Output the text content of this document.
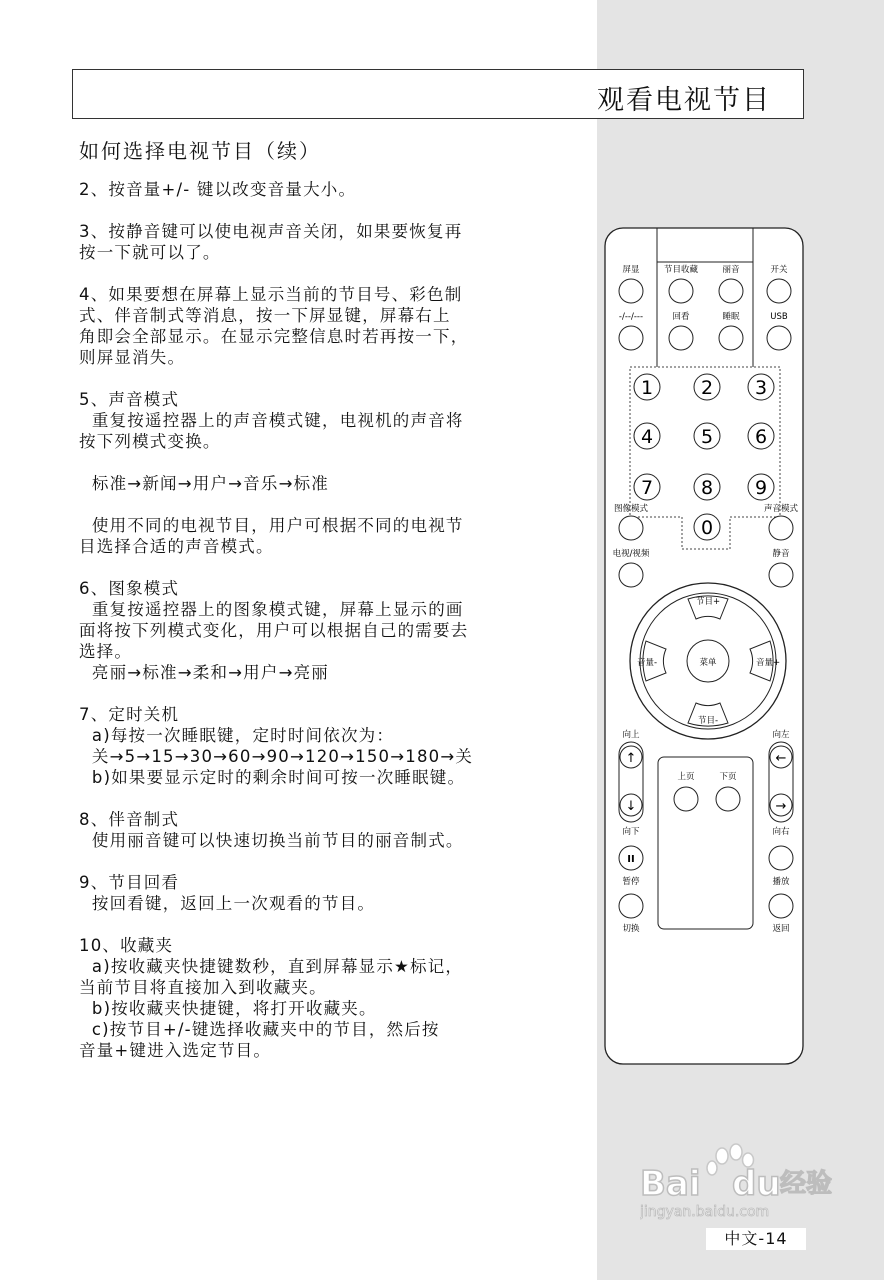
观看电视节目
如何选择电视节目（续）
2、按音量+/- 键以改变音量大小。
3、按静音键可以使电视声音关闭，如果要恢复再
按一下就可以了。
4、如果要想在屏幕上显示当前的节目号、彩色制
式、伴音制式等消息，按一下屏显键，屏幕右上
角即会全部显示。在显示完整信息时若再按一下，
则屏显消失。
5、声音模式
重复按遥控器上的声音模式键，电视机的声音将
按下列模式变换。
标准→新闻→用户→音乐→标准
使用不同的电视节目，用户可根据不同的电视节
目选择合适的声音模式。
6、图象模式
重复按遥控器上的图象模式键，屏幕上显示的画
面将按下列模式变化，用户可以根据自己的需要去
选择。
亮丽→标准→柔和→用户→亮丽
7、定时关机
a)每按一次睡眠键，定时时间依次为：
关→5→15→30→60→90→120→150→180→关
b)如果要显示定时的剩余时间可按一次睡眠键。
8、伴音制式
使用丽音键可以快速切换当前节目的丽音制式。
9、节目回看
按回看键，返回上一次观看的节目。
10、收藏夹
a)按收藏夹快捷键数秒，直到屏幕显示★标记，
当前节目将直接加入到收藏夹。
b)按收藏夹快捷键，将打开收藏夹。
c)按节目+/-键选择收藏夹中的节目，然后按
音量+键进入选定节目。
屏显	节目收藏	丽音	开关
-/--/---	回看	睡眠	USB
1	2 3
4	5 6
7	8 9
0
图像模式	声音模式
电视/视频	静音
节目+
节目-
音量-	音量+
菜单
向上
↑
↓
向下
向左
←
→
向右
上页	下页
II
暂停	播放
切换	返回
Bai du 经验
jingyan.baidu.com
中文-14
